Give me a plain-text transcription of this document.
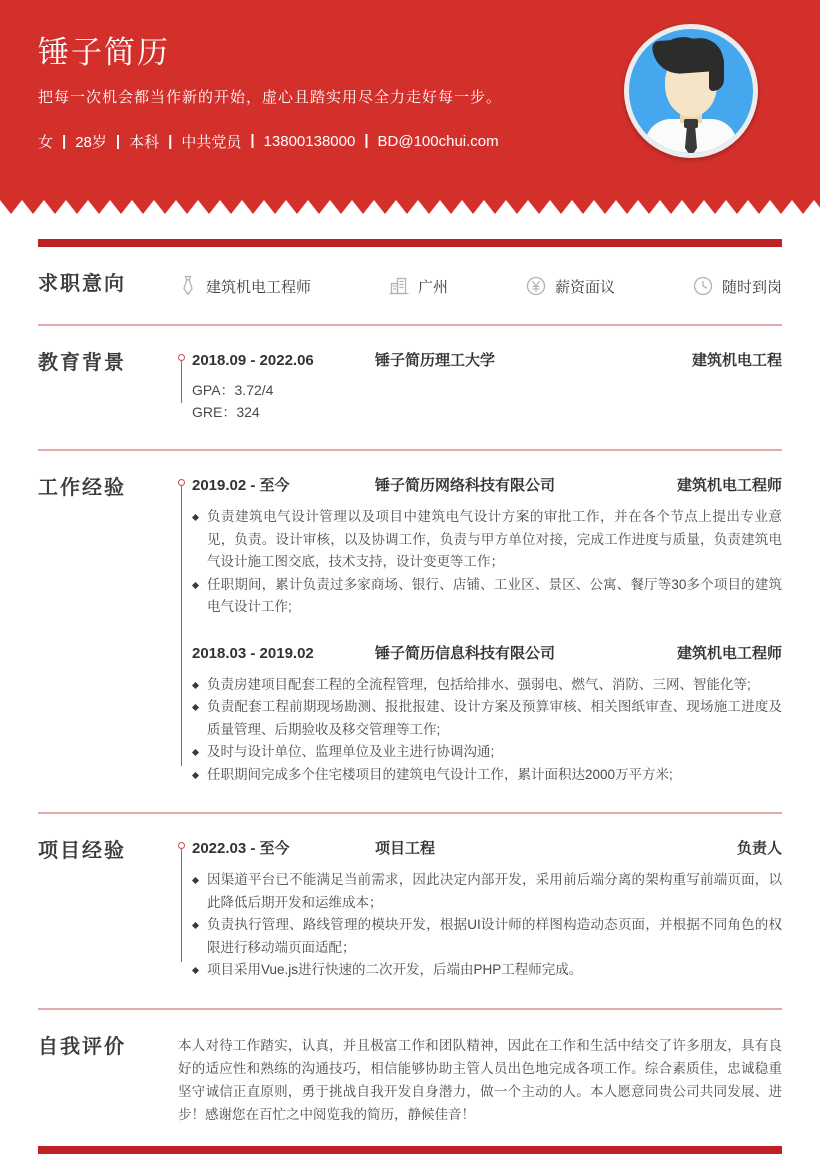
锤子简历
把每一次机会都当作新的开始，虚心且踏实用尽全力走好每一步。
女	| 28岁	| 本科	| 中共党员	| 13800138000	| BD@100chui.com
求职意向	建筑机电工程师	广州	薪资面议	随时到岗
教育背景	2018.09 - 2022.06	锤子简历理工大学	建筑机电工程
GPA：3.72/4
GRE：324
工作经验	2019.02 - 至今	锤子简历网络科技有限公司	建筑机电工程师
负责建筑电气设计管理以及项目中建筑电气设计方案的审批工作，并在各个节点上提出专业意见，负责。设计审核，以及协调工作，负责与甲方单位对接，完成工作进度与质量，负责建筑电气设计施工图交底，技术支持，设计变更等工作；
任职期间，累计负责过多家商场、银行、店铺、工业区、景区、公寓、餐厅等30多个项目的建筑电气设计工作;
2018.03 - 2019.02	锤子简历信息科技有限公司	建筑机电工程师
负责房建项目配套工程的全流程管理，包括给排水、强弱电、燃气、消防、三网、智能化等;
负责配套工程前期现场勘测、报批报建、设计方案及预算审核、相关图纸审查、现场施工进度及质量管理、后期验收及移交管理等工作;
及时与设计单位、监理单位及业主进行协调沟通;
任职期间完成多个住宅楼项目的建筑电气设计工作，累计面积达2000万平方米;
项目经验	2022.03 - 至今	项目工程	负责人
因渠道平台已不能满足当前需求，因此决定内部开发，采用前后端分离的架构重写前端页面，以此降低后期开发和运维成本；
负责执行管理、路线管理的模块开发，根据UI设计师的样图构造动态页面，并根据不同角色的权限进行移动端页面适配；
项目采用Vue.js进行快速的二次开发，后端由PHP工程师完成。
自我评价	本人对待工作踏实，认真，并且极富工作和团队精神，因此在工作和生活中结交了许多朋友，具有良好的适应性和熟练的沟通技巧，相信能够协助主管人员出色地完成各项工作。综合素质佳，忠诚稳重坚守诚信正直原则，勇于挑战自我开发自身潜力，做一个主动的人。本人愿意同贵公司共同发展、进步！感谢您在百忙之中阅览我的简历，静候佳音！
